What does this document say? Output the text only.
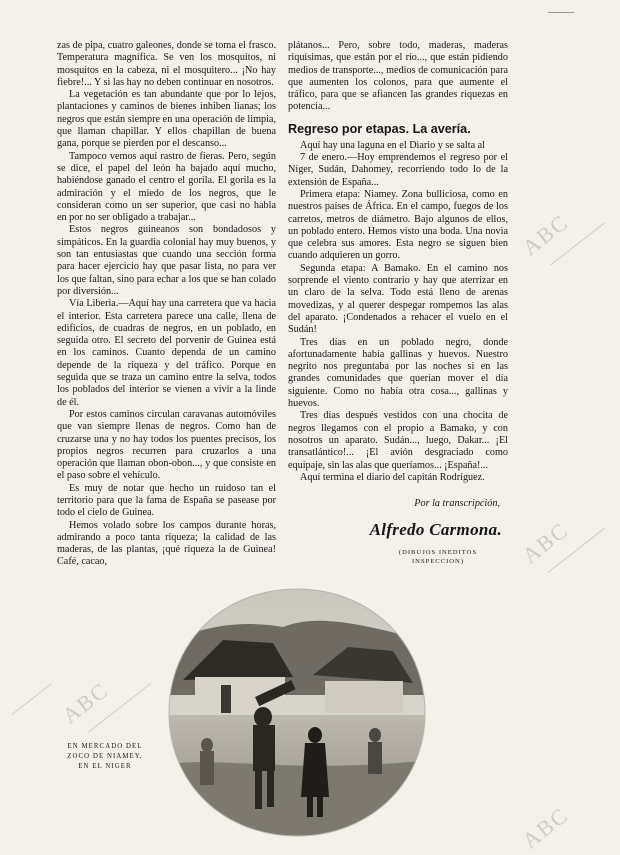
zas de pipa, cuatro galeones, donde se toma el frasco. Temperatura magnífica. Se ven los mosquitos, ni mosquitos en la cabeza, ni el mosquitero... ¡No hay fiebre!... Y si las hay no deben continuar en nosotros.

La vegetación es tan abundante que por lo lejos, plantaciones y caminos de bienes inhiben lianas; los negros que están siempre en una operación de limpia, que llaman chapillar. Y ellos chapillan de buena gana, porque se pierden por el descanso...

Tampoco vemos aquí rastro de fieras. Pero, según se dice, el papel del león ha bajado aquí mucho, habiéndose ganado el centro el gorila. El gorila es la admiración y el miedo de los negros, que le consideran como un ser superior, que casi no habla en por no ser obligado a trabajar...

Estos negros guineanos son bondadosos y simpáticos. En la guardia colonial hay muy buenos, y son tan entusiastas que cuando una sección forma para hacer ejercicio hay que pasar lista, no para ver los que faltan, sino para echar a los que se han colado por diversión...

Vía Liberia.—Aquí hay una carretera que va hacia el interior. Esta carretera parece una calle, llena de edificios, de cuadras de negros, en un poblado, en seguida otro. El secreto del porvenir de Guinea está en los caminos. Cuanto dependa de un camino depende de la riqueza y del tráfico. Porque en seguida que se traza un camino entre la selva, todos los poblados del interior se vienen a vivir a la linde de él.

Por estos caminos circulan caravanas automóviles que van siempre llenas de negros. Como han de cruzarse una y no hay todos los puentes precisos, los propios negros recurren para cruzarlos a una operación que llaman obon-obon..., y que consiste en el paso sobre el vehículo.

Es muy de notar que hecho un ruidoso tan el territorio para que la fama de España se pasease por todo el cielo de Guinea.

Hemos volado sobre los campos durante horas, admirando a poco tanta riqueza; la calidad de las maderas, de las plantas, ¡qué riqueza la de Guinea! Café, cacao,

plátanos... Pero, sobre todo, maderas, maderas riquísimas, que están por el río..., que están pidiendo medios de transporte..., medios de comunicación para que aumenten los colonos, para que aumente el tráfico, para que se afiancen las grandes riquezas en potencia...

Regreso por etapas. La avería.

Aquí hay una laguna en el Diario y se salta al

7 de enero.—Hoy emprendemos el regreso por el Níger, Sudán, Dahomey, recorriendo todo lo de la extensión de España...

Primera etapa: Niamey. Zona bulliciosa, como en nuestros países de África. En el campo, fuegos de los carretos, metros de diámetro. Bajo algunos de ellos, un poblado entero. Hemos visto una boda. Una novia que celebra sus amores. Esta negro se siguen bien cuando adquieren un gorro.

Segunda etapa: A Bamako. En el camino nos sorprende el viento contrario y hay que aterrizar en un claro de la selva. Todo está lleno de arenas movedizas, y al querer despegar rompemos las alas del aparato. ¡Condenados a rehacer el vuelo en el Sudán!

Tres días en un poblado negro, donde afortunadamente había gallinas y huevos. Nuestro negrito nos preguntaba por las noches si en las grandes comunidades que querían mover el día siguiente. Como no había otra cosa..., gallinas y huevos.

Tres días después vestidos con una chocita de negros llegamos con el propio a Bamako, y con nosotros un aparato. Sudán..., luego, Dakar... ¡El transatlántico!... ¡El avión desgraciado como equipaje, sin las alas que queríamos... ¡España!...

Aquí termina el diario del capitán Rodríguez.

Por la transcripción,

Alfredo Carmona.

(DIBUJOS INEDITOS
INSPECCION)
EN MERCADO DEL
ZOCO DE NIAMEY,
EN EL NIGER
ABC
ABC
ABC
ABC
